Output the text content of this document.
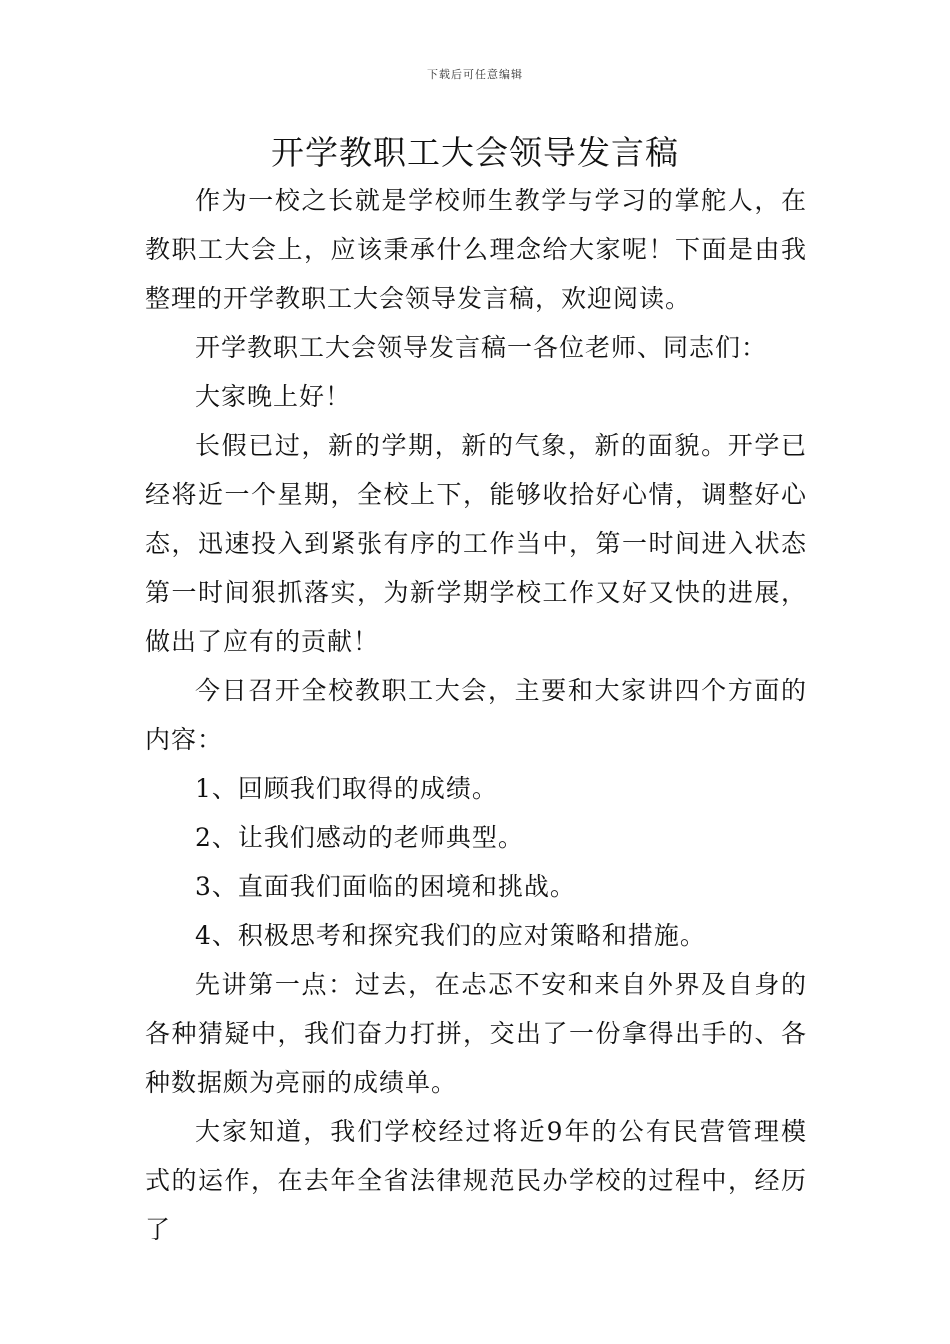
下载后可任意编辑
开学教职工大会领导发言稿

作为一校之长就是学校师生教学与学习的掌舵人，在教职工大会上，应该秉承什么理念给大家呢！下面是由我整理的开学教职工大会领导发言稿，欢迎阅读。

开学教职工大会领导发言稿一各位老师、同志们：

大家晚上好！

长假已过，新的学期，新的气象，新的面貌。开学已经将近一个星期，全校上下，能够收拾好心情，调整好心态，迅速投入到紧张有序的工作当中，第一时间进入状态第一时间狠抓落实，为新学期学校工作又好又快的进展，做出了应有的贡献！

今日召开全校教职工大会，主要和大家讲四个方面的内容：

1、回顾我们取得的成绩。

2、让我们感动的老师典型。

3、直面我们面临的困境和挑战。

4、积极思考和探究我们的应对策略和措施。

先讲第一点：过去，在忐忑不安和来自外界及自身的各种猜疑中，我们奋力打拼，交出了一份拿得出手的、各种数据颇为亮丽的成绩单。

大家知道，我们学校经过将近9年的公有民营管理模式的运作，在去年全省法律规范民办学校的过程中，经历了
